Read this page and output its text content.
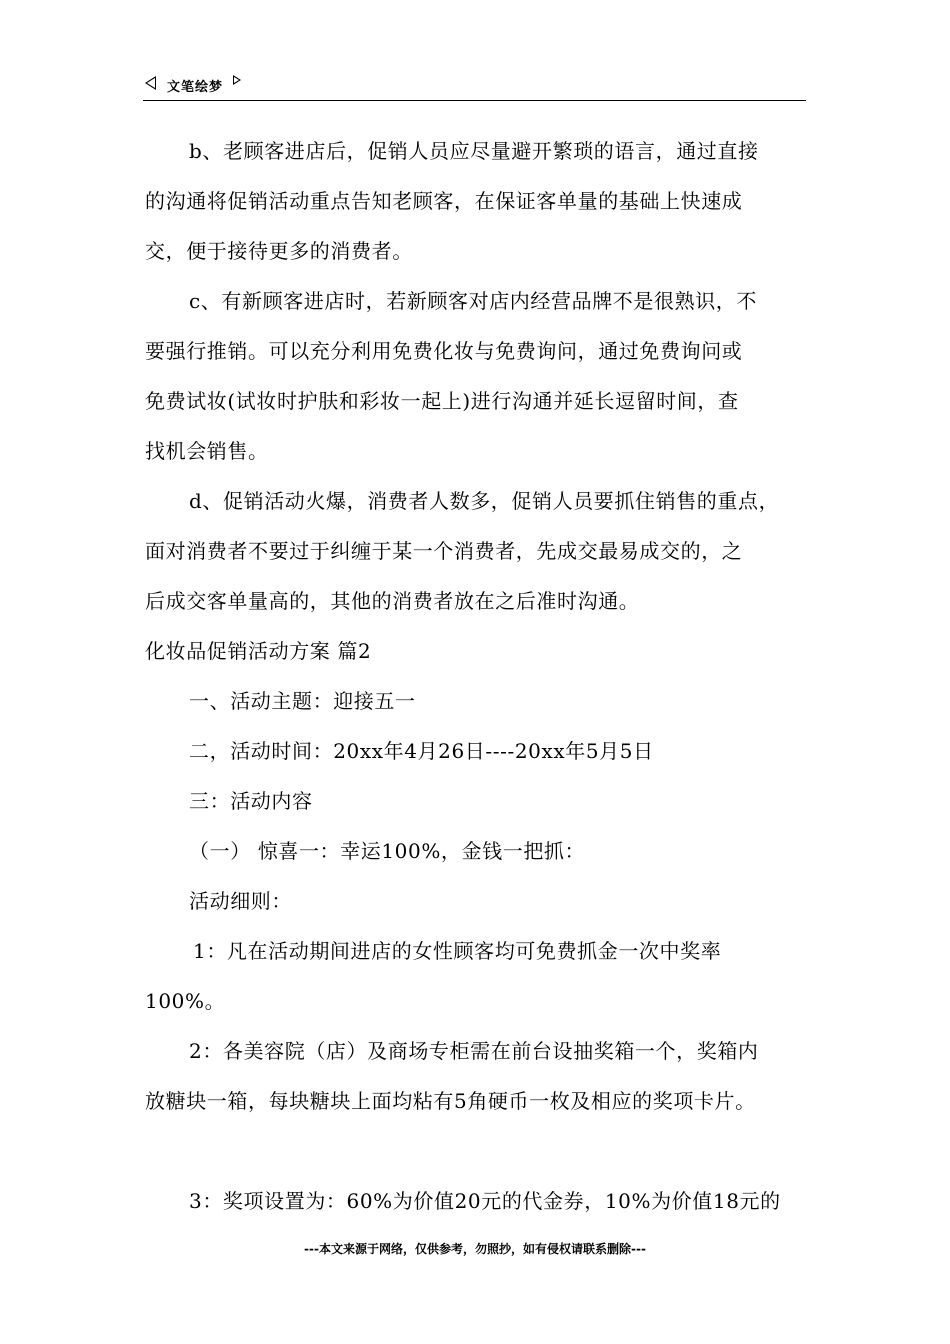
文笔绘梦
b、老顾客进店后，促销人员应尽量避开繁琐的语言，通过直接
的沟通将促销活动重点告知老顾客，在保证客单量的基础上快速成
交，便于接待更多的消费者。
c、有新顾客进店时，若新顾客对店内经营品牌不是很熟识，不
要强行推销。可以充分利用免费化妆与免费询问，通过免费询问或
免费试妆(试妆时护肤和彩妆一起上)进行沟通并延长逗留时间，查
找机会销售。
d、促销活动火爆，消费者人数多，促销人员要抓住销售的重点，
面对消费者不要过于纠缠于某一个消费者，先成交最易成交的，之
后成交客单量高的，其他的消费者放在之后准时沟通。
化妆品促销活动方案 篇2
一、活动主题：迎接五一
二，活动时间：20xx年4月26日----20xx年5月5日
三：活动内容
（一） 惊喜一：幸运100%，金钱一把抓：
活动细则：
1：凡在活动期间进店的女性顾客均可免费抓金一次中奖率
100%。
2：各美容院（店）及商场专柜需在前台设抽奖箱一个，奖箱内
放糖块一箱，每块糖块上面均粘有5角硬币一枚及相应的奖项卡片。
3：奖项设置为：60%为价值20元的代金券，10%为价值18元的
---本文来源于网络，仅供参考，勿照抄，如有侵权请联系删除---
